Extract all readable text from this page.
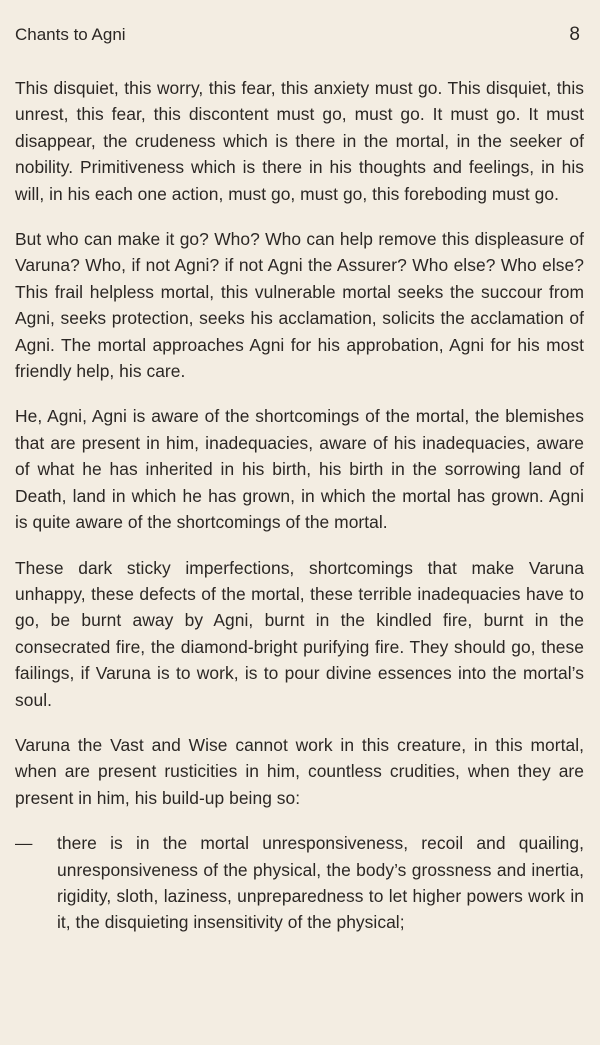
Chants to Agni	8

This disquiet, this worry, this fear, this anxiety must go. This disquiet, this unrest, this fear, this discontent must go, must go. It must go. It must disappear, the crudeness which is there in the mortal, in the seeker of nobility. Primitiveness which is there in his thoughts and feelings, in his will, in his each one action, must go, must go, this foreboding must go.

But who can make it go? Who? Who can help remove this displeasure of Varuna? Who, if not Agni? if not Agni the Assurer? Who else? Who else? This frail helpless mortal, this vulnerable mortal seeks the succour from Agni, seeks protection, seeks his acclamation, solicits the acclamation of Agni. The mortal approaches Agni for his approbation, Agni for his most friendly help, his care.

He, Agni, Agni is aware of the shortcomings of the mortal, the blemishes that are present in him, inadequacies, aware of his inadequacies, aware of what he has inherited in his birth, his birth in the sorrowing land of Death, land in which he has grown, in which the mortal has grown. Agni is quite aware of the shortcomings of the mortal.

These dark sticky imperfections, shortcomings that make Varuna unhappy, these defects of the mortal, these terrible inadequacies have to go, be burnt away by Agni, burnt in the kindled fire, burnt in the consecrated fire, the diamond-bright purifying fire. They should go, these failings, if Varuna is to work, is to pour divine essences into the mortal’s soul.

Varuna the Vast and Wise cannot work in this creature, in this mortal, when are present rusticities in him, countless crudities, when they are present in him, his build-up being so:

—	there is in the mortal unresponsiveness, recoil and quailing, unresponsiveness of the physical, the body’s grossness and inertia, rigidity, sloth, laziness, unpreparedness to let higher powers work in it, the disquieting insensitivity of the physical;
